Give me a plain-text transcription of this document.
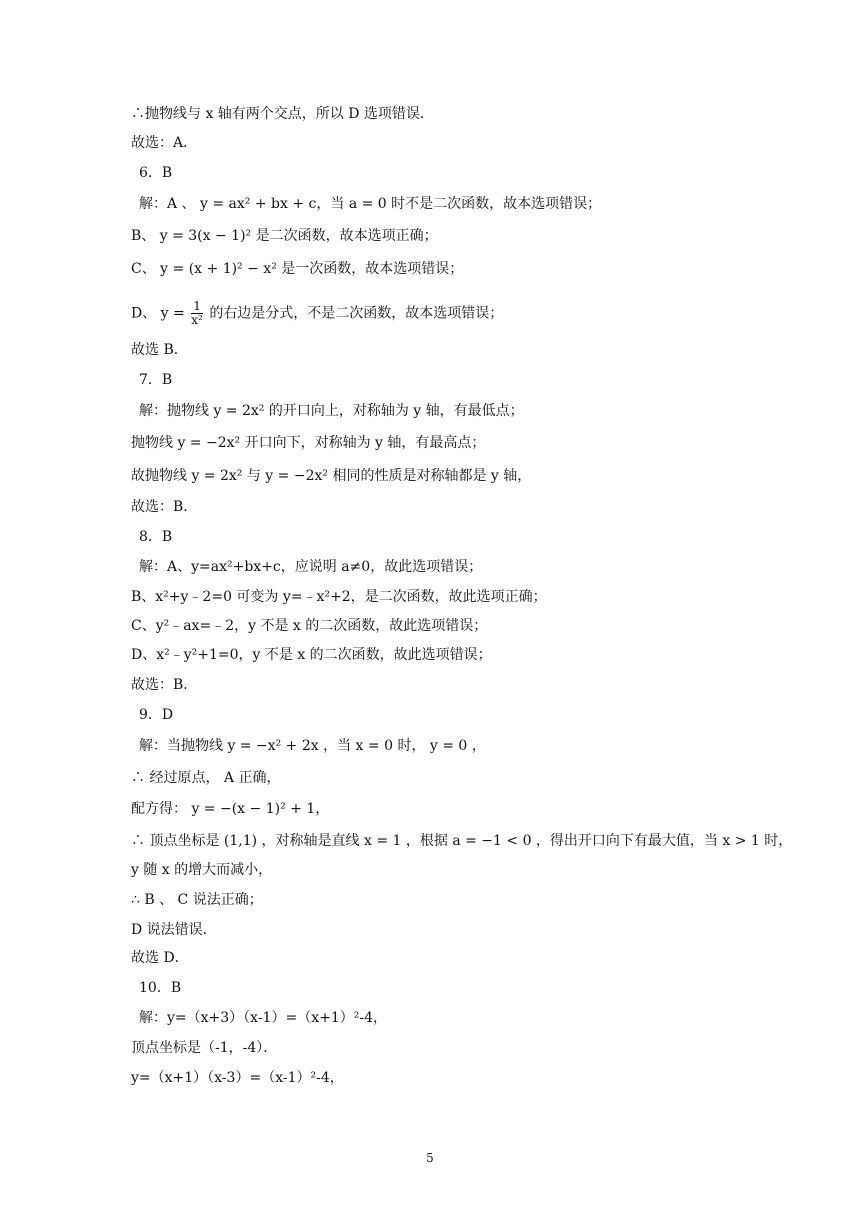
∴抛物线与 x 轴有两个交点，所以 D 选项错误．

故选：A．

6．B

解：A 、 y = ax² + bx + c，当 a = 0 时不是二次函数，故本选项错误；

B、 y = 3(x − 1)² 是二次函数，故本选项正确；

C、 y = (x + 1)² − x² 是一次函数，故本选项错误；

D、 $y = \frac{1}{\text{x²}}$ 的右边是分式，不是二次函数，故本选项错误；

故选 B．

7．B

解：抛物线 y = 2x² 的开口向上，对称轴为 y 轴，有最低点；

抛物线 y = −2x² 开口向下，对称轴为 y 轴，有最高点；

故抛物线 y = 2x² 与 y = −2x² 相同的性质是对称轴都是 y 轴，

故选：B．

8．B

解：A、y=ax²+bx+c，应说明 a≠0，故此选项错误；

B、x²+y﹣2=0 可变为 y=﹣x²+2，是二次函数，故此选项正确；

C、y²﹣ax=﹣2，y 不是 x 的二次函数，故此选项错误；

D、x²﹣y²+1=0，y 不是 x 的二次函数，故此选项错误；

故选：B．

9．D

解：当抛物线 y = −x² + 2x ，当 x = 0 时， y = 0 ，

∴ 经过原点， A 正确，

配方得： y = −(x − 1)² + 1，

∴ 顶点坐标是 (1,1) ，对称轴是直线 x = 1 ，根据 a = −1 < 0 ，得出开口向下有最大值，当 x > 1 时，

y 随 x 的增大而减小，

∴ B 、 C 说法正确；

D 说法错误．

故选 D．

10．B

解：y=（x+3）（x-1）=（x+1）²-4，

顶点坐标是（-1，-4）．

y=（x+1）（x-3）=（x-1）²-4，

5
